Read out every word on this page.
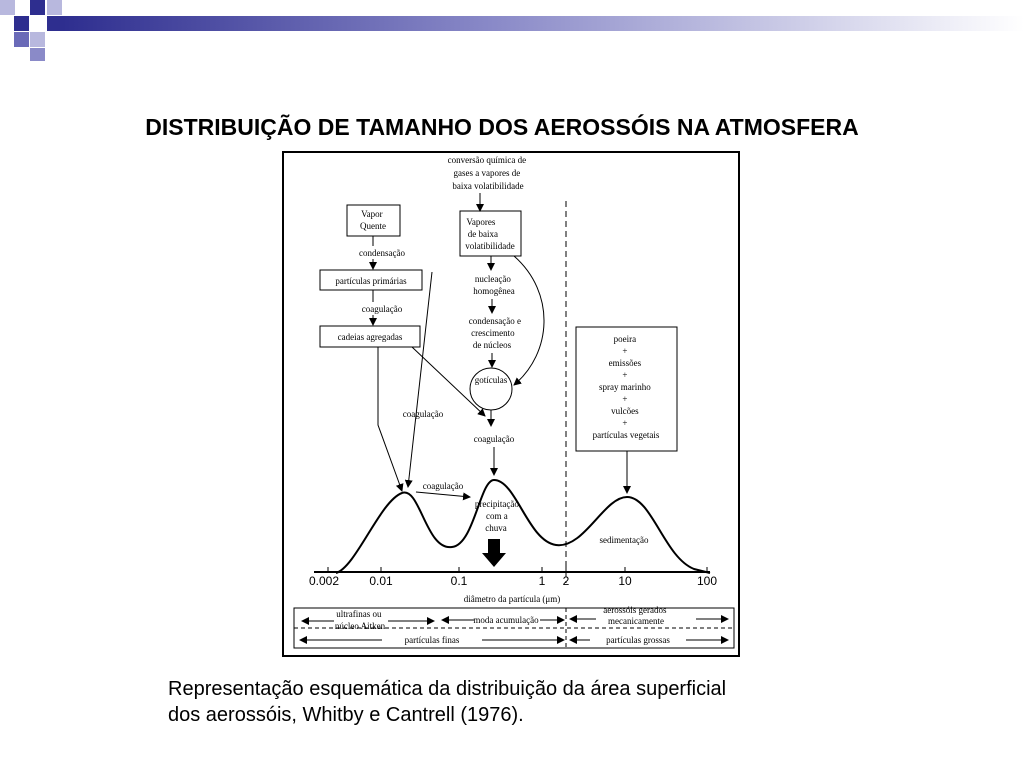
DISTRIBUIÇÃO DE TAMANHO DOS AEROSSÓIS NA ATMOSFERA
conversão química de gases a vapores de baixa volatibilidade
Vapor Quente
condensação
partículas primárias
coagulação
cadeias agregadas
Vapores de baixa volatibilidade
nucleação homogênea
condensação e crescimento de núcleos
gotículas
coagulação
coagulação
coagulação
poeira + emissões + spray marinho + vulcões + partículas vegetais
precipitação com a chuva
sedimentação
0.002	0.01	0.1	1 2	10	100
diâmetro da partícula (μm)
ultrafinas ou núcleo Aitken
moda acumulação
aerossóis gerados mecanicamente
partículas finas	partículas grossas
Representação esquemática da distribuição da área superficial
dos aerossóis, Whitby e Cantrell (1976).
